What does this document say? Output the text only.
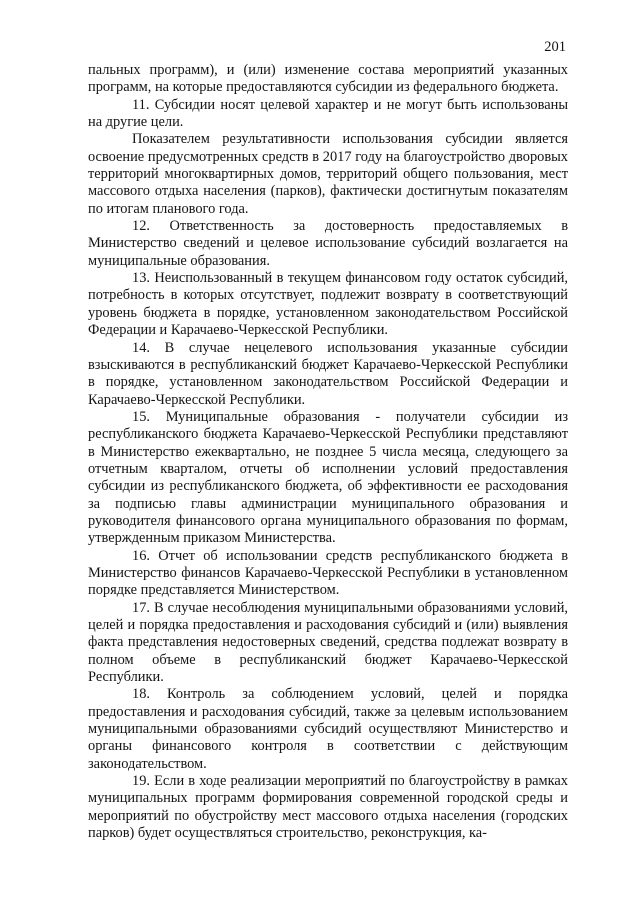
201

пальных программ), и (или) изменение состава мероприятий указанных программ, на которые предоставляются субсидии из федерального бюджета.

11. Субсидии носят целевой характер и не могут быть использованы на другие цели.

Показателем результативности использования субсидии является освоение предусмотренных средств в 2017 году на благоустройство дворовых территорий многоквартирных домов, территорий общего пользования, мест массового отдыха населения (парков), фактически достигнутым показателям по итогам планового года.

12. Ответственность за достоверность предоставляемых в Министерство сведений и целевое использование субсидий возлагается на муниципальные образования.

13. Неиспользованный в текущем финансовом году остаток субсидий, потребность в которых отсутствует, подлежит возврату в соответствующий уровень бюджета в порядке, установленном законодательством Российской Федерации и Карачаево-Черкесской Республики.

14. В случае нецелевого использования указанные субсидии взыскиваются в республиканский бюджет Карачаево-Черкесской Республики в порядке, установленном законодательством Российской Федерации и Карачаево-Черкесской Республики.

15. Муниципальные образования - получатели субсидии из республиканского бюджета Карачаево-Черкесской Республики представляют в Министерство ежеквартально, не позднее 5 числа месяца, следующего за отчетным кварталом, отчеты об исполнении условий предоставления субсидии из республиканского бюджета, об эффективности ее расходования за подписью главы администрации муниципального образования и руководителя финансового органа муниципального образования по формам, утвержденным приказом Министерства.

16. Отчет об использовании средств республиканского бюджета в Министерство финансов Карачаево-Черкесской Республики в установленном порядке представляется Министерством.

17. В случае несоблюдения муниципальными образованиями условий, целей и порядка предоставления и расходования субсидий и (или) выявления факта представления недостоверных сведений, средства подлежат возврату в полном объеме в республиканский бюджет Карачаево-Черкесской Республики.

18. Контроль за соблюдением условий, целей и порядка предоставления и расходования субсидий, также за целевым использованием муниципальными образованиями субсидий осуществляют Министерство и органы финансового контроля в соответствии с действующим законодательством.

19. Если в ходе реализации мероприятий по благоустройству в рамках муниципальных программ формирования современной городской среды и мероприятий по обустройству мест массового отдыха населения (городских парков) будет осуществляться строительство, реконструкция, ка-
